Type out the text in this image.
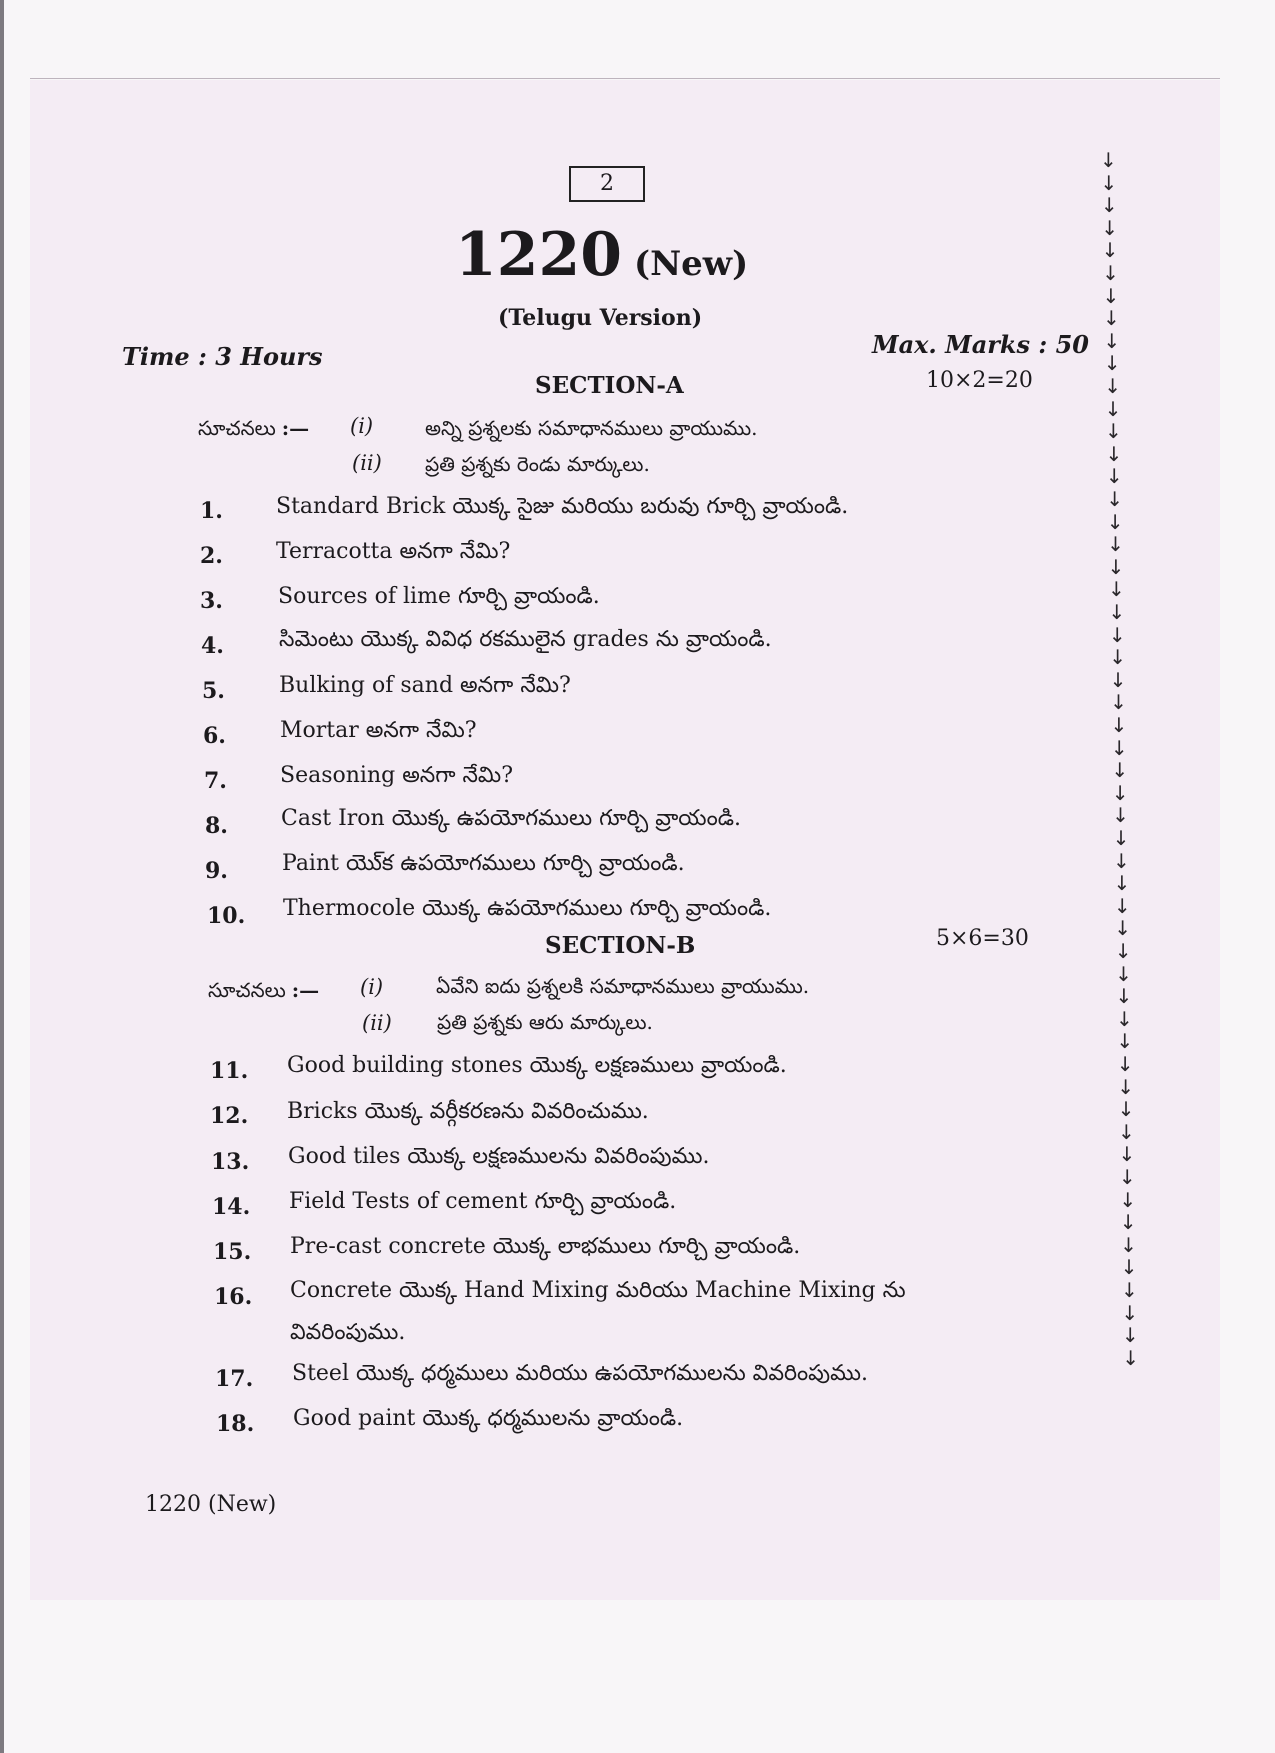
2
1220 (New)
(Telugu Version)
Time : 3 Hours	Max. Marks : 50
SECTION-A	10×2=20
సూచనలు :— (i)	అన్ని ప్రశ్నలకు సమాధానములు వ్రాయుము.
(ii) ప్రతి ప్రశ్నకు రెండు మార్కులు.
1. Standard Brick యొక్క సైజు మరియు బరువు గూర్చి వ్రాయండి.
2. Terracotta అనగా నేమి?
3.	Sources of lime గూర్చి వ్రాయండి.
4.	సిమెంటు యొక్క వివిధ రకములైన grades ను వ్రాయండి.
5. Bulking of sand అనగా నేమి?
6. Mortar అనగా నేమి?
7. Seasoning అనగా నేమి?
8. Cast Iron యొక్క ఉపయోగములు గూర్చి వ్రాయండి.
9. Paint యొ్క ఉపయోగములు గూర్చి వ్రాయండి.
10. Thermocole యొక్క ఉపయోగములు గూర్చి వ్రాయండి.
SECTION-B	5×6=30
సూచనలు :— (i)	ఏవేని ఐదు ప్రశ్నలకి సమాధానములు వ్రాయుము.
(ii) ప్రతి ప్రశ్నకు ఆరు మార్కులు.
11. Good building stones యొక్క లక్షణములు వ్రాయండి.
12. Bricks యొక్క వర్గీకరణను వివరించుము.
13. Good tiles యొక్క లక్షణములను వివరింపుము.
14. Field Tests of cement గూర్చి వ్రాయండి.
15. Pre-cast concrete యొక్క లాభములు గూర్చి వ్రాయండి.
16. Concrete యొక్క Hand Mixing మరియు Machine Mixing ను
వివరింపుము.
17. Steel యొక్క ధర్మములు మరియు ఉపయోగములను వివరింపుము.
18. Good paint యొక్క ధర్మములను వ్రాయండి.
1220 (New)
↓
↓
↓
↓
↓
↓
↓
↓
↓
↓
↓
↓
↓
↓
↓
↓
↓
↓
↓
↓
↓
↓
↓
↓
↓
↓
↓
↓
↓
↓
↓
↓
↓
↓
↓
↓
↓
↓
↓
↓
↓
↓
↓
↓
↓
↓
↓
↓
↓
↓
↓
↓
↓
↓
